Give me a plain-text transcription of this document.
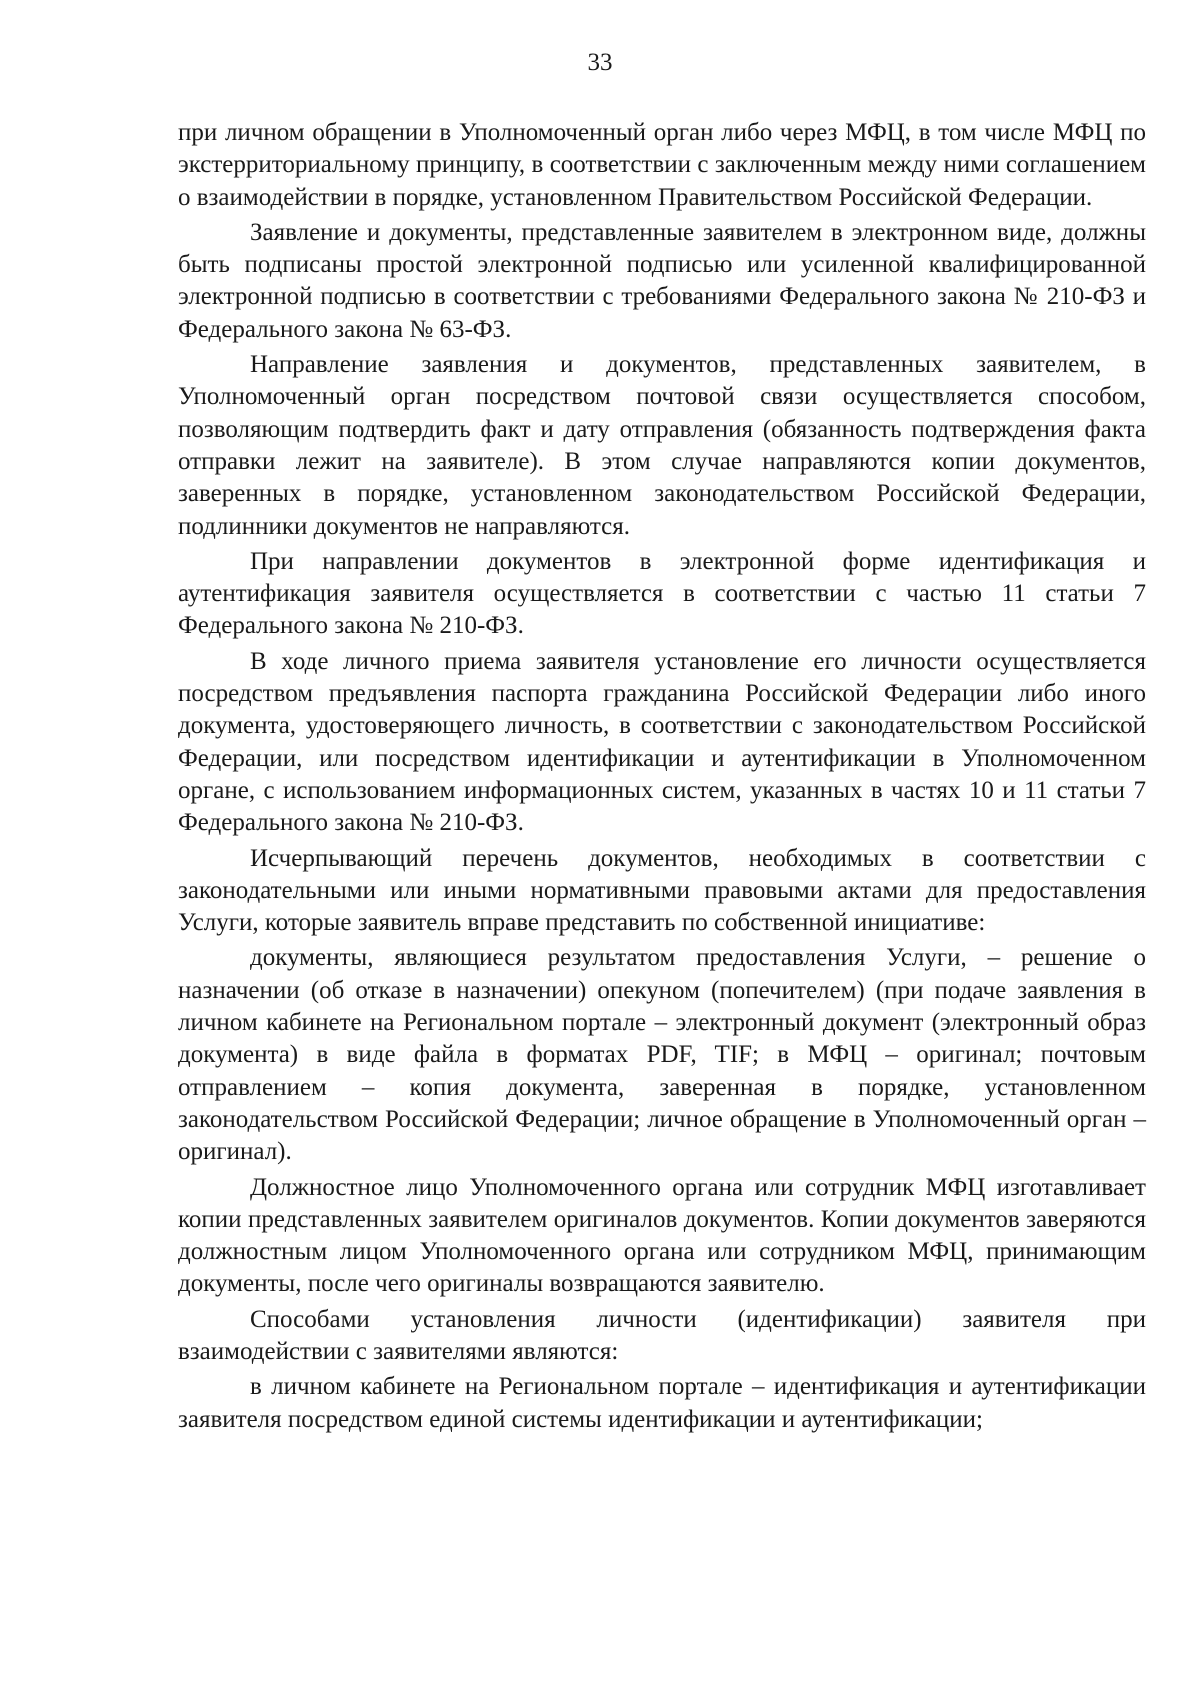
33

при личном обращении в Уполномоченный орган либо через МФЦ, в том числе МФЦ по экстерриториальному принципу, в соответствии с заключенным между ними соглашением о взаимодействии в порядке, установленном Правительством Российской Федерации.

Заявление и документы, представленные заявителем в электронном виде, должны быть подписаны простой электронной подписью или усиленной квалифицированной электронной подписью в соответствии с требованиями Федерального закона № 210-ФЗ и Федерального закона № 63-ФЗ.

Направление заявления и документов, представленных заявителем, в Уполномоченный орган посредством почтовой связи осуществляется способом, позволяющим подтвердить факт и дату отправления (обязанность подтверждения факта отправки лежит на заявителе). В этом случае направляются копии документов, заверенных в порядке, установленном законодательством Российской Федерации, подлинники документов не направляются.

При направлении документов в электронной форме идентификация и аутентификация заявителя осуществляется в соответствии с частью 11 статьи 7 Федерального закона № 210-ФЗ.

В ходе личного приема заявителя установление его личности осуществляется посредством предъявления паспорта гражданина Российской Федерации либо иного документа, удостоверяющего личность, в соответствии с законодательством Российской Федерации, или посредством идентификации и аутентификации в Уполномоченном органе, с использованием информационных систем, указанных в частях 10 и 11 статьи 7 Федерального закона № 210-ФЗ.

Исчерпывающий перечень документов, необходимых в соответствии с законодательными или иными нормативными правовыми актами для предоставления Услуги, которые заявитель вправе представить по собственной инициативе:

документы, являющиеся результатом предоставления Услуги, – решение о назначении (об отказе в назначении) опекуном (попечителем) (при подаче заявления в личном кабинете на Региональном портале – электронный документ (электронный образ документа) в виде файла в форматах PDF, TIF; в МФЦ – оригинал; почтовым отправлением – копия документа, заверенная в порядке, установленном законодательством Российской Федерации; личное обращение в Уполномоченный орган – оригинал).

Должностное лицо Уполномоченного органа или сотрудник МФЦ изготавливает копии представленных заявителем оригиналов документов. Копии документов заверяются должностным лицом Уполномоченного органа или сотрудником МФЦ, принимающим документы, после чего оригиналы возвращаются заявителю.

Способами установления личности (идентификации) заявителя при взаимодействии с заявителями являются:

в личном кабинете на Региональном портале – идентификация и аутентификации заявителя посредством единой системы идентификации и аутентификации;
